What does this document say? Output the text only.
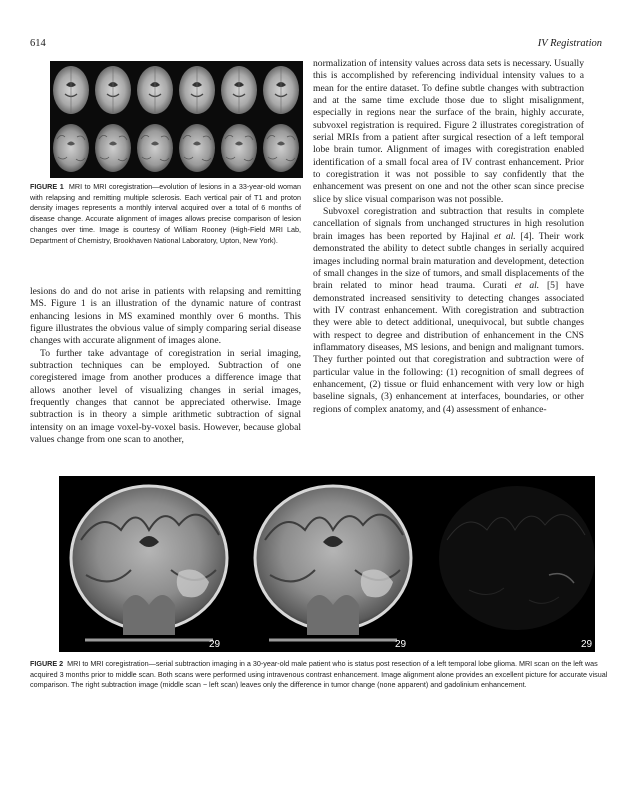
614	IV Registration
FIGURE 1 MRI to MRI coregistration—evolution of lesions in a 33-year-old woman with relapsing and remitting multiple sclerosis. Each vertical pair of T1 and proton density images represents a monthly interval acquired over a total of 6 months of disease change. Accurate alignment of images allows precise comparison of lesion changes over time. Image is courtesy of William Rooney (High-Field MRI Lab, Department of Chemistry, Brookhaven National Laboratory, Upton, New York).

lesions do and do not arise in patients with relapsing and remitting MS. Figure 1 is an illustration of the dynamic nature of contrast enhancing lesions in MS examined monthly over 6 months. This figure illustrates the obvious value of simply comparing serial disease changes with accurate alignment of images alone.

To further take advantage of coregistration in serial imaging, subtraction techniques can be employed. Subtraction of one coregistered image from another produces a difference image that allows another level of visualizing changes in serial images, frequently changes that cannot be appreciated otherwise. Image subtraction is in theory a simple arithmetic subtraction of signal intensity on an image voxel-by-voxel basis. However, because global values change from one scan to another,

normalization of intensity values across data sets is necessary. Usually this is accomplished by referencing individual intensity values to a mean for the entire dataset. To define subtle changes with subtraction and at the same time exclude those due to slight misalignment, especially in regions near the surface of the brain, highly accurate, subvoxel registration is required. Figure 2 illustrates coregistration of serial MRIs from a patient after surgical resection of a left temporal lobe brain tumor. Alignment of images with coregistration enabled identification of a small focal area of IV contrast enhancement. Prior to coregistration it was not possible to say confidently that the enhancement was present on one and not the other scan since precise slice by slice visual comparison was not possible.

Subvoxel coregistration and subtraction that results in complete cancellation of signals from unchanged structures in high resolution brain images has been reported by Hajinal et al. [4]. Their work demonstrated the ability to detect subtle changes in serially acquired images including normal brain maturation and development, detection of small changes in the size of tumors, and small displacements of the brain related to minor head trauma. Curati et al. [5] have demonstrated increased sensitivity to detecting changes associated with IV contrast enhancement. With coregistration and subtraction they were able to detect additional, unequivocal, but subtle changes with respect to degree and distribution of enhancement in the CNS inflammatory diseases, MS lesions, and benign and malignant tumors. They further pointed out that coregistration and subtraction were of particular value in the following: (1) recognition of small degrees of enhancement, (2) tissue or fluid enhancement with very low or high baseline signals, (3) enhancement at interfaces, boundaries, or other regions of complex anatomy, and (4) assessment of enhance-

29	29	29
FIGURE 2 MRI to MRI coregistration—serial subtraction imaging in a 30-year-old male patient who is status post resection of a left temporal lobe glioma. MRI scan on the left was acquired 3 months prior to middle scan. Both scans were performed using intravenous contrast enhancement. Image alignment alone provides an excellent picture for accurate visual comparison. The right subtraction image (middle scan − left scan) leaves only the difference in tumor change (none apparent) and gadolinium enhancement.
